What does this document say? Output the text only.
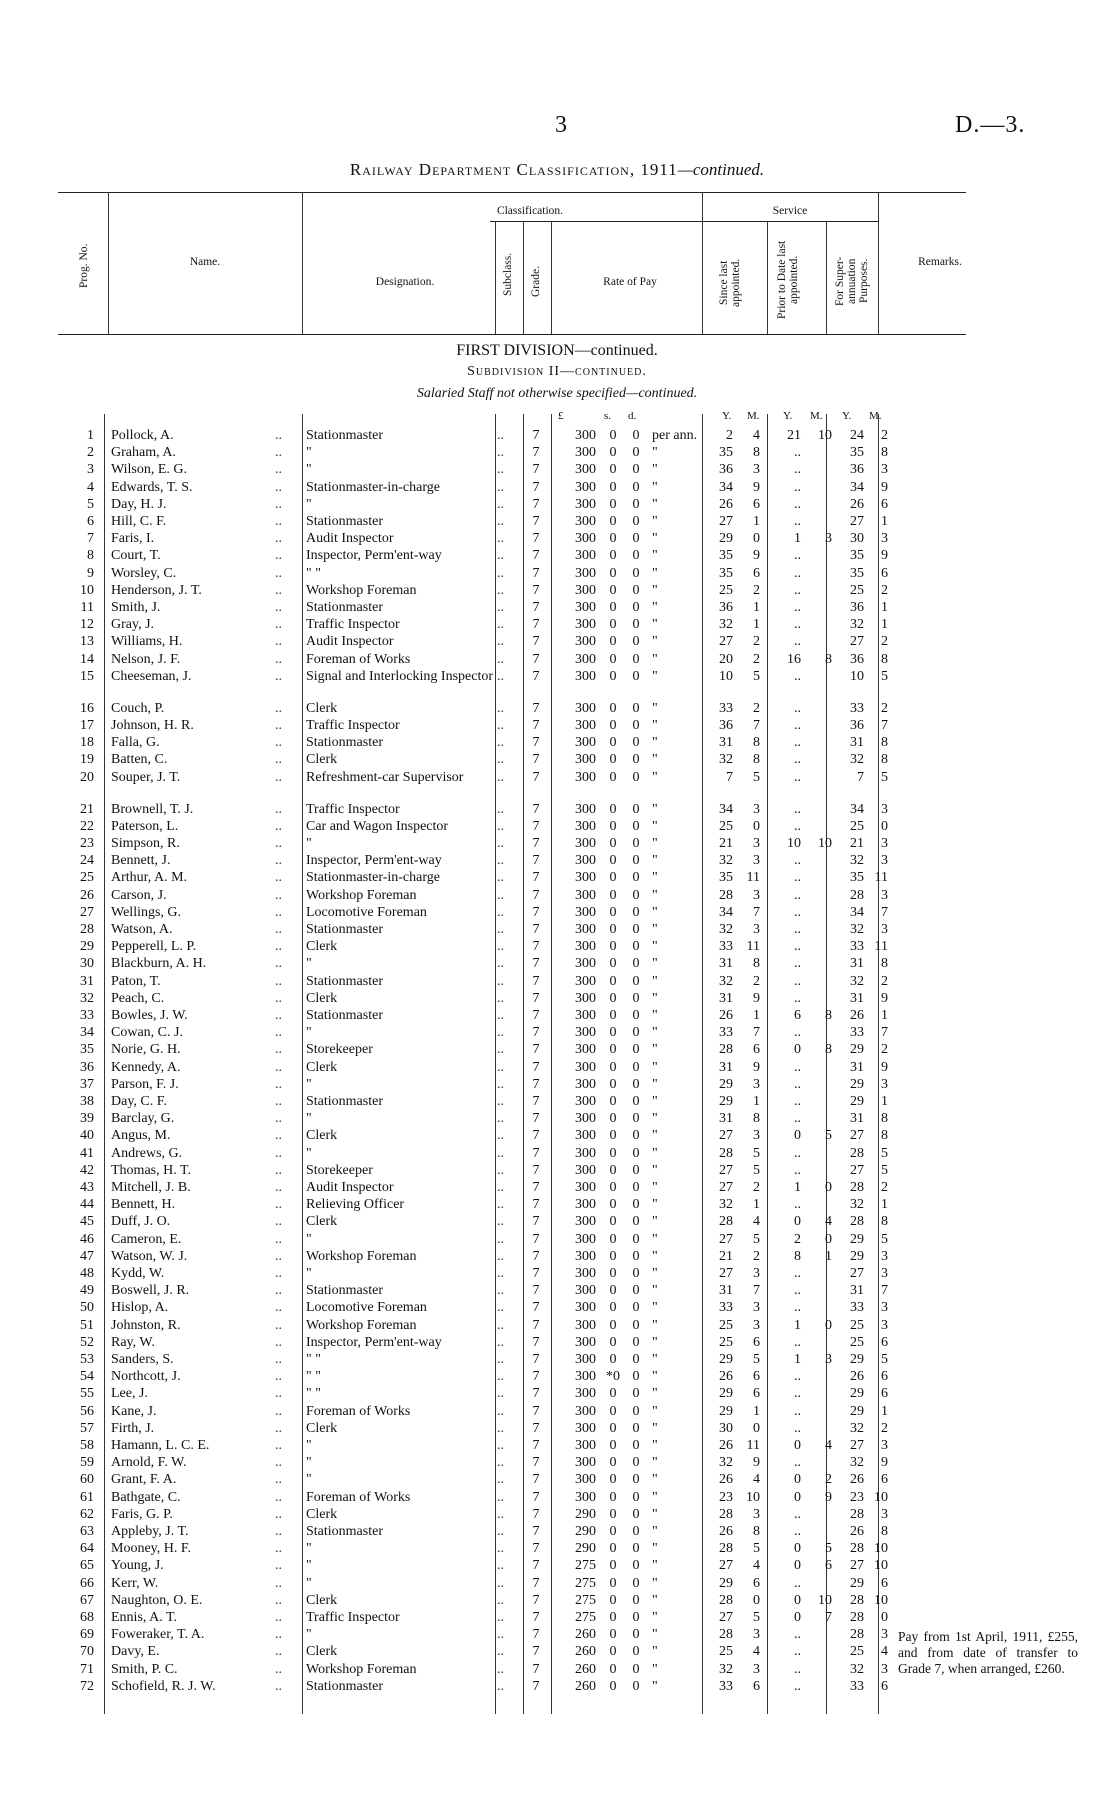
3	D.—3.
Railway Department Classification, 1911—continued.
Prog. No.	Name.
Classification.
Designation.	Subclass. Grade.	Rate of Pay
Service
Since last appointed.	Prior to Date last appointed.	For Super-annuation Purposes.	Remarks.
FIRST DIVISION—continued.
Subdivision II—continued.
Salaried Staff not otherwise specified—continued.
£	s. d.	Y. M. Y. M. Y. M.
1 Pollock, A.	.. Stationmaster	..	7	300 0	0 per ann.	2	4	21	10	24	2
2 Graham, A.	.. "	..	7	300 0	0 "	35	8	..	35	8
3 Wilson, E. G.	.. "	..	7	300 0	0 "	36	3	..	36	3
4 Edwards, T. S.	.. Stationmaster-in-charge	..	7	300 0	0 "	34	9	..	34	9
5 Day, H. J.	.. "	..	7	300 0	0 "	26	6	..	26	6
6 Hill, C. F.	.. Stationmaster	..	7	300 0	0 "	27	1	..	27	1
7 Faris, I.	.. Audit Inspector	..	7	300 0	0 "	29	0	1	3	30	3
8 Court, T.	.. Inspector, Perm'ent-way	..	7	300 0	0 "	35	9	..	35	9
9 Worsley, C.	.. " "	..	7	300 0	0 "	35	6	..	35	6
10 Henderson, J. T.	.. Workshop Foreman	..	7	300 0	0 "	25	2	..	25	2
11 Smith, J.	.. Stationmaster	..	7	300 0	0 "	36	1	..	36	1
12 Gray, J.	.. Traffic Inspector	..	7	300 0	0 "	32	1	..	32	1
13 Williams, H.	.. Audit Inspector	..	7	300 0	0 "	27	2	..	27	2
14 Nelson, J. F.	.. Foreman of Works	..	7	300 0	0 "	20	2	16	8	36	8
15 Cheeseman, J.	.. Signal and Interlocking Inspector ..	7	300 0	0 "	10	5	..	10	5
16 Couch, P.	.. Clerk	..	7	300 0	0 "	33	2	..	33	2
17 Johnson, H. R.	.. Traffic Inspector	..	7	300 0	0 "	36	7	..	36	7
18 Falla, G.	.. Stationmaster	..	7	300 0	0 "	31	8	..	31	8
19 Batten, C.	.. Clerk	..	7	300 0	0 "	32	8	..	32	8
20 Souper, J. T.	.. Refreshment-car Supervisor	..	7	300 0	0 "	7	5	..	7	5
21 Brownell, T. J.	.. Traffic Inspector	..	7	300 0	0 "	34	3	..	34	3
22 Paterson, L.	.. Car and Wagon Inspector	..	7	300 0	0 "	25	0	..	25	0
23 Simpson, R.	.. "	..	7	300 0	0 "	21	3	10	10	21	3
24 Bennett, J.	.. Inspector, Perm'ent-way	..	7	300 0	0 "	32	3	..	32	3
25 Arthur, A. M.	.. Stationmaster-in-charge	..	7	300 0	0 "	35 11	..	35 11
26 Carson, J.	.. Workshop Foreman	..	7	300 0	0 "	28	3	..	28	3
27 Wellings, G.	.. Locomotive Foreman	..	7	300 0	0 "	34	7	..	34	7
28 Watson, A.	.. Stationmaster	..	7	300 0	0 "	32	3	..	32	3
29 Pepperell, L. P.	.. Clerk	..	7	300 0	0 "	33 11	..	33 11
30 Blackburn, A. H.	.. "	..	7	300 0	0 "	31	8	..	31	8
31 Paton, T.	.. Stationmaster	..	7	300 0	0 "	32	2	..	32	2
32 Peach, C.	.. Clerk	..	7	300 0	0 "	31	9	..	31	9
33 Bowles, J. W.	.. Stationmaster	..	7	300 0	0 "	26	1	6	8	26	1
34 Cowan, C. J.	.. "	..	7	300 0	0 "	33	7	..	33	7
35 Norie, G. H.	.. Storekeeper	..	7	300 0	0 "	28	6	0	8	29	2
36 Kennedy, A.	.. Clerk	..	7	300 0	0 "	31	9	..	31	9
37 Parson, F. J.	.. "	..	7	300 0	0 "	29	3	..	29	3
38 Day, C. F.	.. Stationmaster	..	7	300 0	0 "	29	1	..	29	1
39 Barclay, G.	.. "	..	7	300 0	0 "	31	8	..	31	8
40 Angus, M.	.. Clerk	..	7	300 0	0 "	27	3	0	5	27	8
41 Andrews, G.	.. "	..	7	300 0	0 "	28	5	..	28	5
42 Thomas, H. T.	.. Storekeeper	..	7	300 0	0 "	27	5	..	27	5
43 Mitchell, J. B.	.. Audit Inspector	..	7	300 0	0 "	27	2	1	0	28	2
44 Bennett, H.	.. Relieving Officer	..	7	300 0	0 "	32	1	..	32	1
45 Duff, J. O.	.. Clerk	..	7	300 0	0 "	28	4	0	4	28	8
46 Cameron, E.	.. "	..	7	300 0	0 "	27	5	2	0	29	5
47 Watson, W. J.	.. Workshop Foreman	..	7	300 0	0 "	21	2	8	1	29	3
48 Kydd, W.	.. "	..	7	300 0	0 "	27	3	..	27	3
49 Boswell, J. R.	.. Stationmaster	..	7	300 0	0 "	31	7	..	31	7
50 Hislop, A.	.. Locomotive Foreman	..	7	300 0	0 "	33	3	..	33	3
51 Johnston, R.	.. Workshop Foreman	..	7	300 0	0 "	25	3	1	0	25	3
52 Ray, W.	.. Inspector, Perm'ent-way	..	7	300 0	0 "	25	6	..	25	6
53 Sanders, S.	.. " "	..	7	300 0	0 "	29	5	1	3	29	5
54 Northcott, J.	.. " "	..	7	300 *0 0 "	26	6	..	26	6
55 Lee, J.	.. " "	..	7	300 0	0 "	29	6	..	29	6
56 Kane, J.	.. Foreman of Works	..	7	300 0	0 "	29	1	..	29	1
57 Firth, J.	.. Clerk	..	7	300 0	0 "	30	0	..	32	2
58 Hamann, L. C. E.	.. "	..	7	300 0	0 "	26 11	0	4	27	3
59 Arnold, F. W.	.. "	..	7	300 0	0 "	32	9	..	32	9
60 Grant, F. A.	.. "	..	7	300 0	0 "	26	4	0	2	26	6
61 Bathgate, C.	.. Foreman of Works	..	7	300 0	0 "	23 10	0	9	23 10
62 Faris, G. P.	.. Clerk	..	7	290 0	0 "	28	3	..	28	3
63 Appleby, J. T.	.. Stationmaster	..	7	290 0	0 "	26	8	..	26	8
64 Mooney, H. F.	.. "	..	7	290 0	0 "	28	5	0	5	28 10
65 Young, J.	.. "	..	7	275 0	0 "	27	4	0	6	27 10
66 Kerr, W.	.. "	..	7	275 0	0 "	29	6	..	29	6
67 Naughton, O. E.	.. Clerk	..	7	275 0	0 "	28	0	0	10	28 10
68 Ennis, A. T.	.. Traffic Inspector	..	7	275 0	0 "	27	5	0	7	28	0
69 Foweraker, T. A.	.. "	..	7	260 0	0 "	28	3	..	28	3
70 Davy, E.	.. Clerk	..	7	260 0	0 "	25	4	..	25	4
71 Smith, P. C.	.. Workshop Foreman	..	7	260 0	0 "	32	3	..	32	3
72 Schofield, R. J. W.	.. Stationmaster	..	7	260 0	0 "	33	6	..	33	6
Pay from 1st April, 1911, £255, and from date of transfer to Grade 7, when arranged, £260.
